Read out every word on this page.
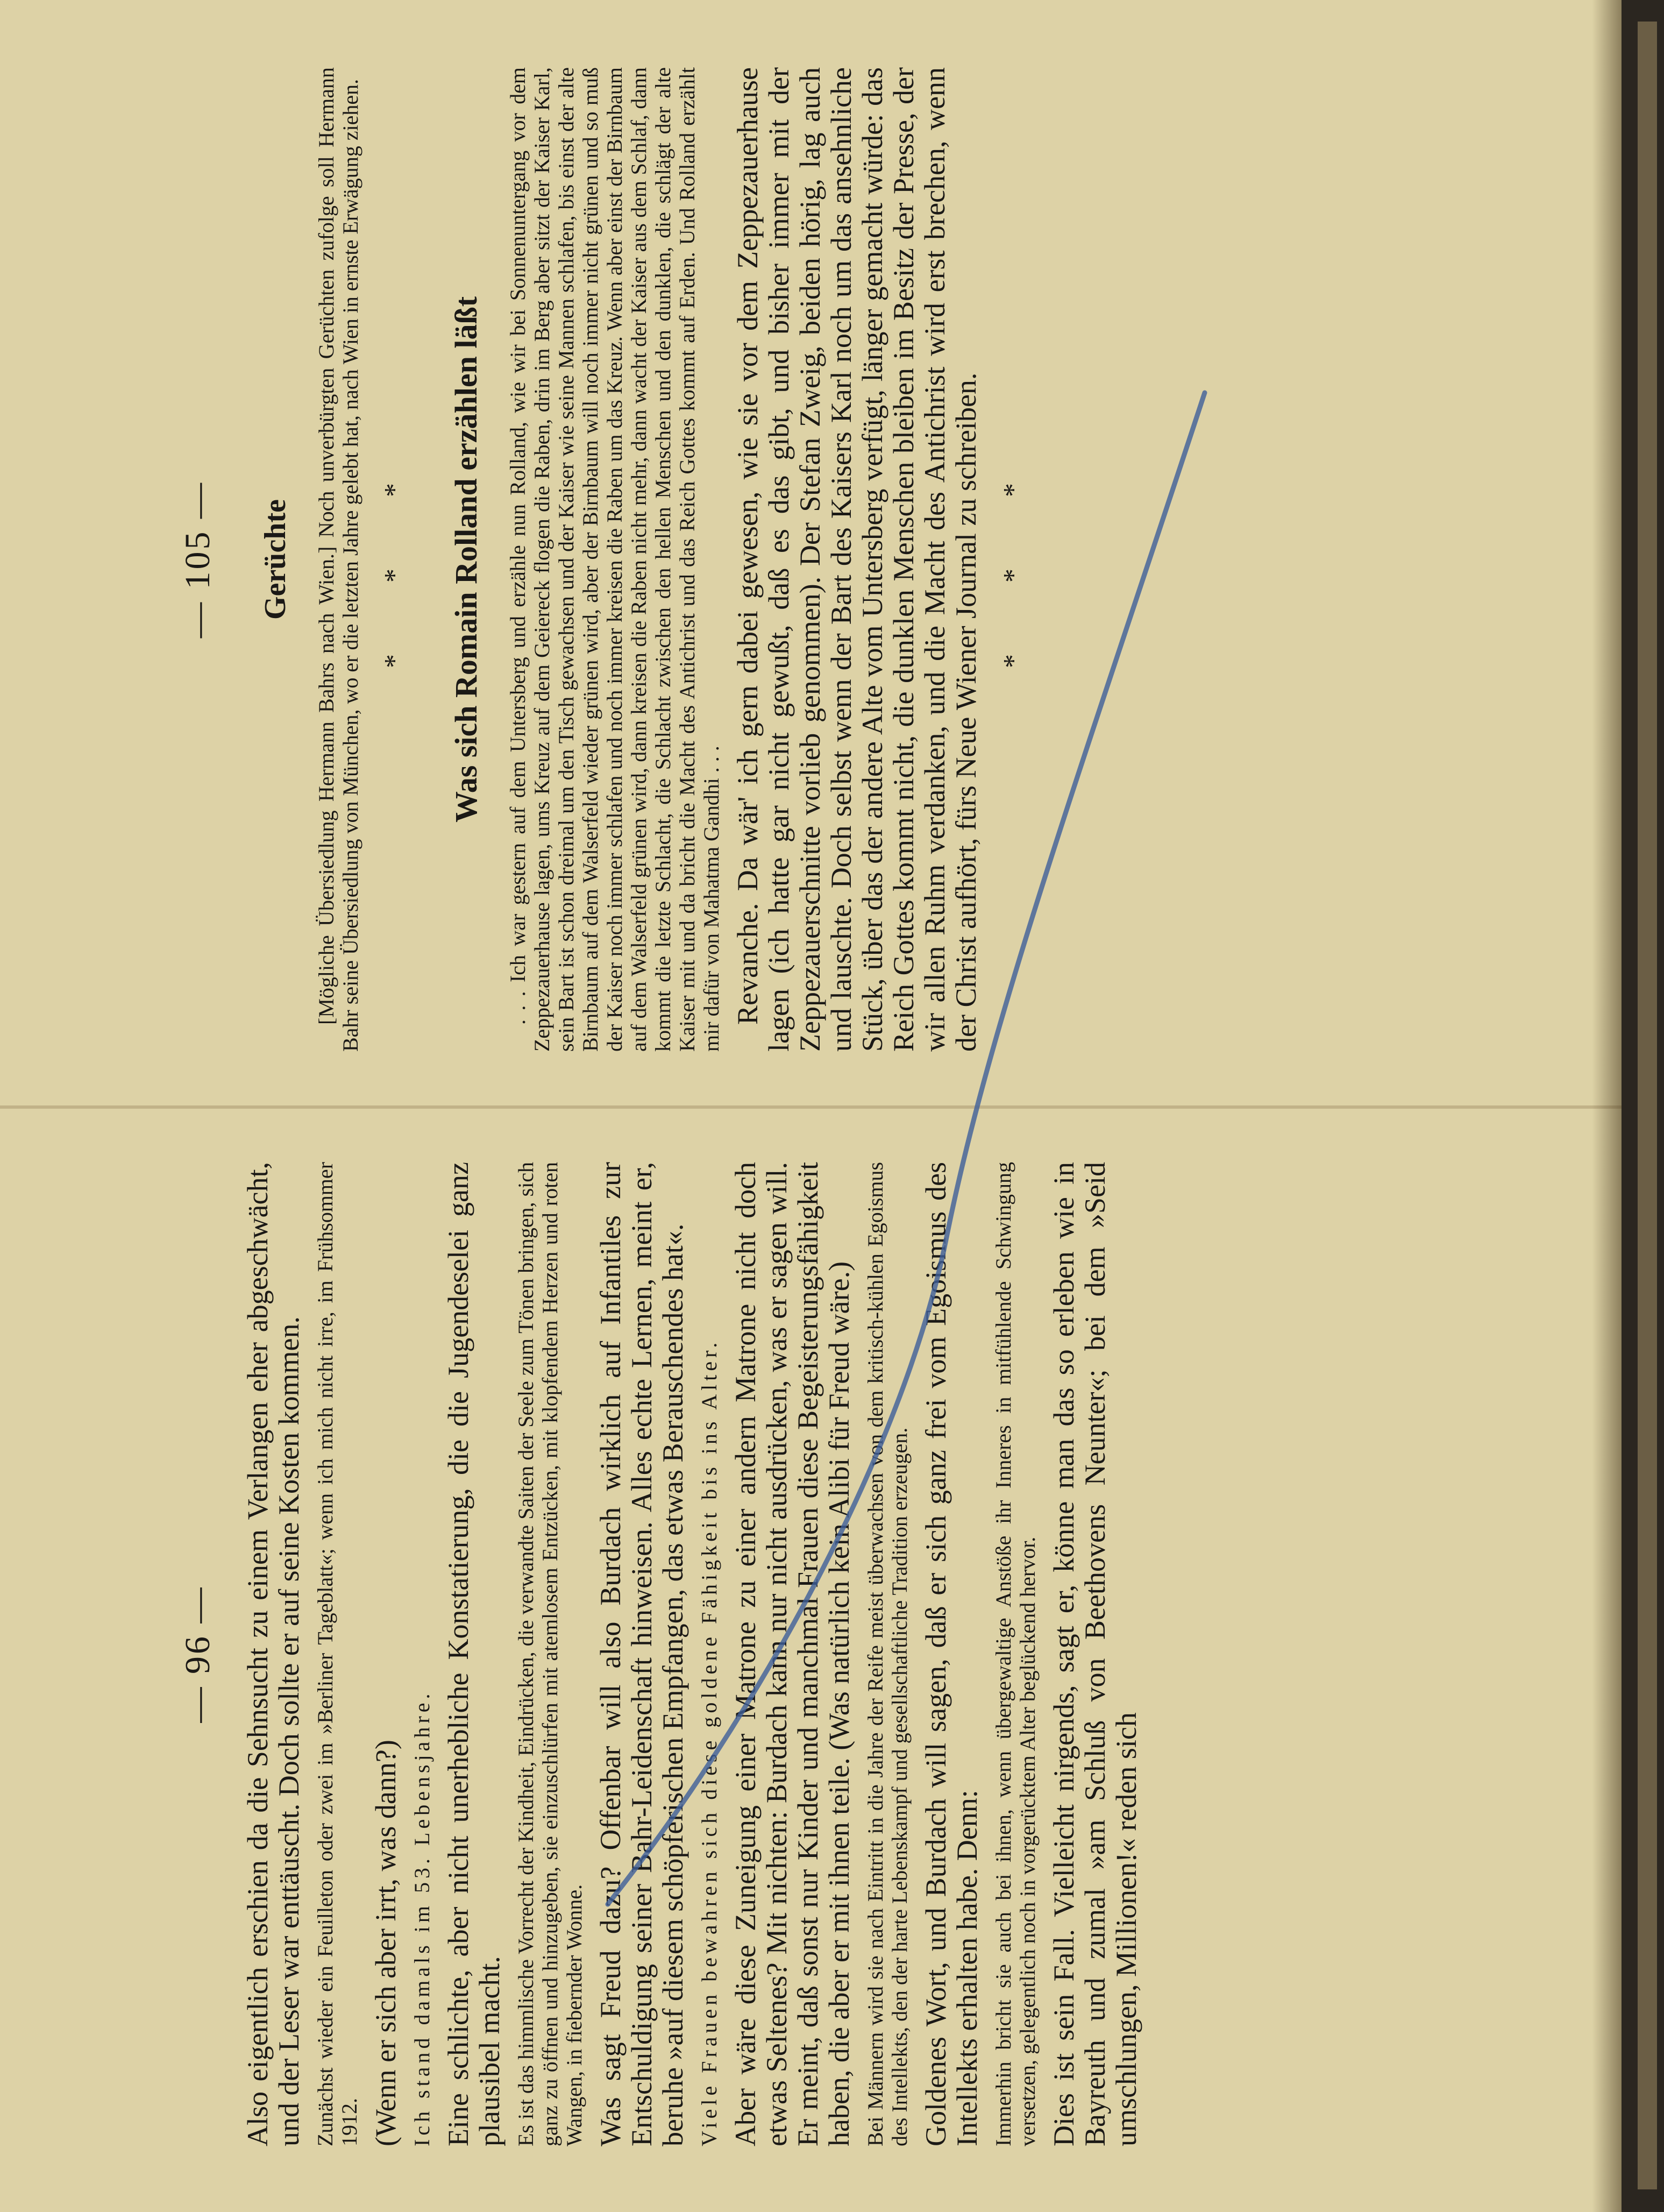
— 96 — Also eigentlich erschien da die Sehnsucht zu einem Verlangen eher abgeschwächt, und der Leser war enttäuscht. Doch sollte er auf seine Kosten kommen. Zunächst wieder ein Feuilleton oder zwei im »Berliner Tageblatt«; wenn ich mich nicht irre, im Frühsommer 1912. (Wenn er sich aber irrt, was dann?) Ich stand damals im 53. Lebensjahre. Eine schlichte, aber nicht unerhebliche Konstatierung, die die Jugendeselei ganz plausibel macht. Es ist das himmlische Vorrecht der Kindheit, Eindrücken, die verwandte Saiten der Seele zum Tönen bringen, sich ganz zu öffnen und hinzugeben, sie einzuschlürfen mit atemlosem Entzücken, mit klopfendem Herzen und roten Wangen, in fiebernder Wonne. Was sagt Freud dazu? Offenbar will also Burdach wirklich auf Infantiles zur Entschuldigung seiner Bahr-Leidenschaft hinweisen. Alles echte Lernen, meint er, beruhe »auf diesem schöpferischen Empfangen, das etwas Berauschendes hat«. Viele Frauen bewahren sich diese goldene Fähigkeit bis ins Alter. Aber wäre diese Zuneigung einer Matrone zu einer andern Matrone nicht doch etwas Seltenes? Mit nichten: Burdach kann nur nicht ausdrücken, was er sagen will. Er meint, daß sonst nur Kinder und manchmal Frauen diese Begeisterungsfähigkeit haben, die aber er mit ihnen teile. (Was natürlich kein Alibi für Freud wäre.) Bei Männern wird sie nach Eintritt in die Jahre der Reife meist überwachsen von dem kritisch-kühlen Egoismus des Intellekts, den der harte Lebenskampf und gesellschaftliche Tradition erzeugen. Goldenes Wort, und Burdach will sagen, daß er sich ganz frei vom Egoismus des Intellekts erhalten habe. Denn: Immerhin bricht sie auch bei ihnen, wenn übergewaltige Anstöße ihr Inneres in mitfühlende Schwingung versetzen, gelegentlich noch in vorgerücktem Alter beglückend hervor. Dies ist sein Fall. Vielleicht nirgends, sagt er, könne man das so erleben wie in Bayreuth und zumal »am Schluß von Beethovens Neunter«; bei dem »Seid umschlungen, Millionen!« reden sich

— 105 — Gerüchte [Mögliche Übersiedlung Hermann Bahrs nach Wien.] Noch unverbürgten Gerüchten zufolge soll Hermann Bahr seine Übersiedlung von München, wo er die letzten Jahre gelebt hat, nach Wien in ernste Erwägung ziehen. * * * Was sich Romain Rolland erzählen läßt . . . Ich war gestern auf dem Untersberg und erzähle nun Rolland, wie wir bei Sonnenuntergang vor dem Zeppezauerhause lagen, ums Kreuz auf dem Geiereck flogen die Raben, drin im Berg aber sitzt der Kaiser Karl, sein Bart ist schon dreimal um den Tisch gewachsen und der Kaiser wie seine Mannen schlafen, bis einst der alte Birnbaum auf dem Walserfeld wieder grünen wird, aber der Birnbaum will noch immer nicht grünen und so muß der Kaiser noch immer schlafen und noch immer kreisen die Raben um das Kreuz. Wenn aber einst der Birnbaum auf dem Walserfeld grünen wird, dann kreisen die Raben nicht mehr, dann wacht der Kaiser aus dem Schlaf, dann kommt die letzte Schlacht, die Schlacht zwischen den hellen Menschen und den dunklen, die schlägt der alte Kaiser mit und da bricht die Macht des Antichrist und das Reich Gottes kommt auf Erden. Und Rolland erzählt mir dafür von Mahatma Gandhi . . . Revanche. Da wär' ich gern dabei gewesen, wie sie vor dem Zeppezauerhause lagen (ich hatte gar nicht gewußt, daß es das gibt, und bisher immer mit der Zeppezauerschnitte vorlieb genommen). Der Stefan Zweig, beiden hörig, lag auch und lauschte. Doch selbst wenn der Bart des Kaisers Karl noch um das ansehnliche Stück, über das der andere Alte vom Untersberg verfügt, länger gemacht würde: das Reich Gottes kommt nicht, die dunklen Menschen bleiben im Besitz der Presse, der wir allen Ruhm verdanken, und die Macht des Antichrist wird erst brechen, wenn der Christ aufhört, fürs Neue Wiener Journal zu schreiben. * * *
